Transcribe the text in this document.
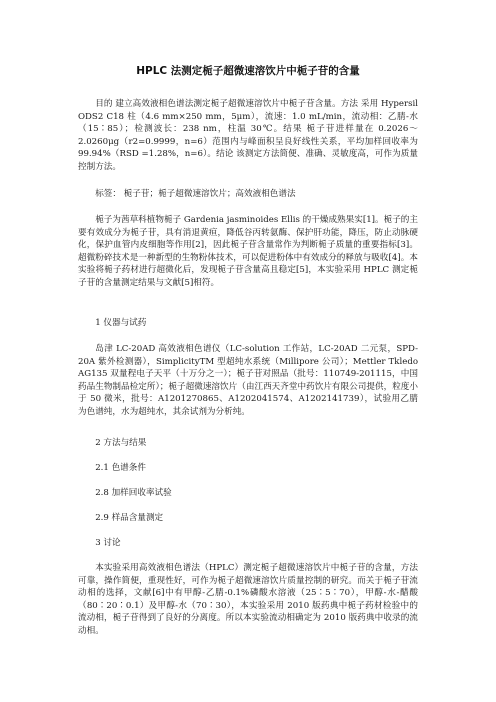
HPLC 法测定栀子超微速溶饮片中栀子苷的含量

目的 建立高效液相色谱法测定栀子超微速溶饮片中栀子苷含量。方法 采用 Hypersil ODS2 C18 柱（4.6 mm×250 mm，5μm），流速：1.0 mL/min，流动相：乙腈-水（15∶85）；检测波长：238 nm，柱温 30℃。结果 栀子苷进样量在 0.2026～ 2.0260μg（r2=0.9999，n=6）范围内与峰面积呈良好线性关系，平均加样回收率为 99.94%（RSD =1.28%，n=6）。结论 该测定方法简便、准确、灵敏度高，可作为质量控制方法。

标签： 栀子苷；栀子超微速溶饮片；高效液相色谱法

栀子为茜草科植物栀子 Gardenia jasminoides Ellis 的干燥成熟果实[1]。栀子的主要有效成分为栀子苷，具有消退黄疸，降低谷丙转氨酶、保护肝功能，降压，防止动脉硬化，保护血管内皮细胞等作用[2]，因此栀子苷含量常作为判断栀子质量的重要指标[3]。超微粉碎技术是一种新型的生物粉体技术，可以促进粉体中有效成分的释放与吸收[4]。本实验将栀子药材进行超微化后，发现栀子苷含量高且稳定[5]，本实验采用 HPLC 测定栀子苷的含量测定结果与文献[5]相符。

1 仪器与试药

岛津 LC-20AD 高效液相色谱仪（LC-solution 工作站，LC-20AD 二元泵，SPD-20A 紫外检测器），SimplicityTM 型超纯水系统（Millipore 公司）；Mettler Tkledo AG135 双量程电子天平（十万分之一）；栀子苷对照品（批号：110749-201115，中国药品生物制品检定所）；栀子超微速溶饮片（由江西天齐堂中药饮片有限公司提供，粒度小于 50 微米，批号：A1201270865、A1202041574、A1202141739），试验用乙腈为色谱纯，水为超纯水，其余试剂为分析纯。

2 方法与结果

2.1 色谱条件

2.8 加样回收率试验

2.9 样品含量测定

3 讨论

本实验采用高效液相色谱法（HPLC）测定栀子超微速溶饮片中栀子苷的含量，方法可靠，操作简便，重现性好，可作为栀子超微速溶饮片质量控制的研究。而关于栀子苷流动相的选择，文献[6]中有甲醇-乙腈-0.1%磷酸水溶液（25∶5∶70），甲醇-水-醋酸（80∶20∶0.1）及甲醇-水（70∶30），本实验采用 2010 版药典中栀子药材检验中的流动相，栀子苷得到了良好的分离度。所以本实验流动相确定为 2010 版药典中收录的流动相。
